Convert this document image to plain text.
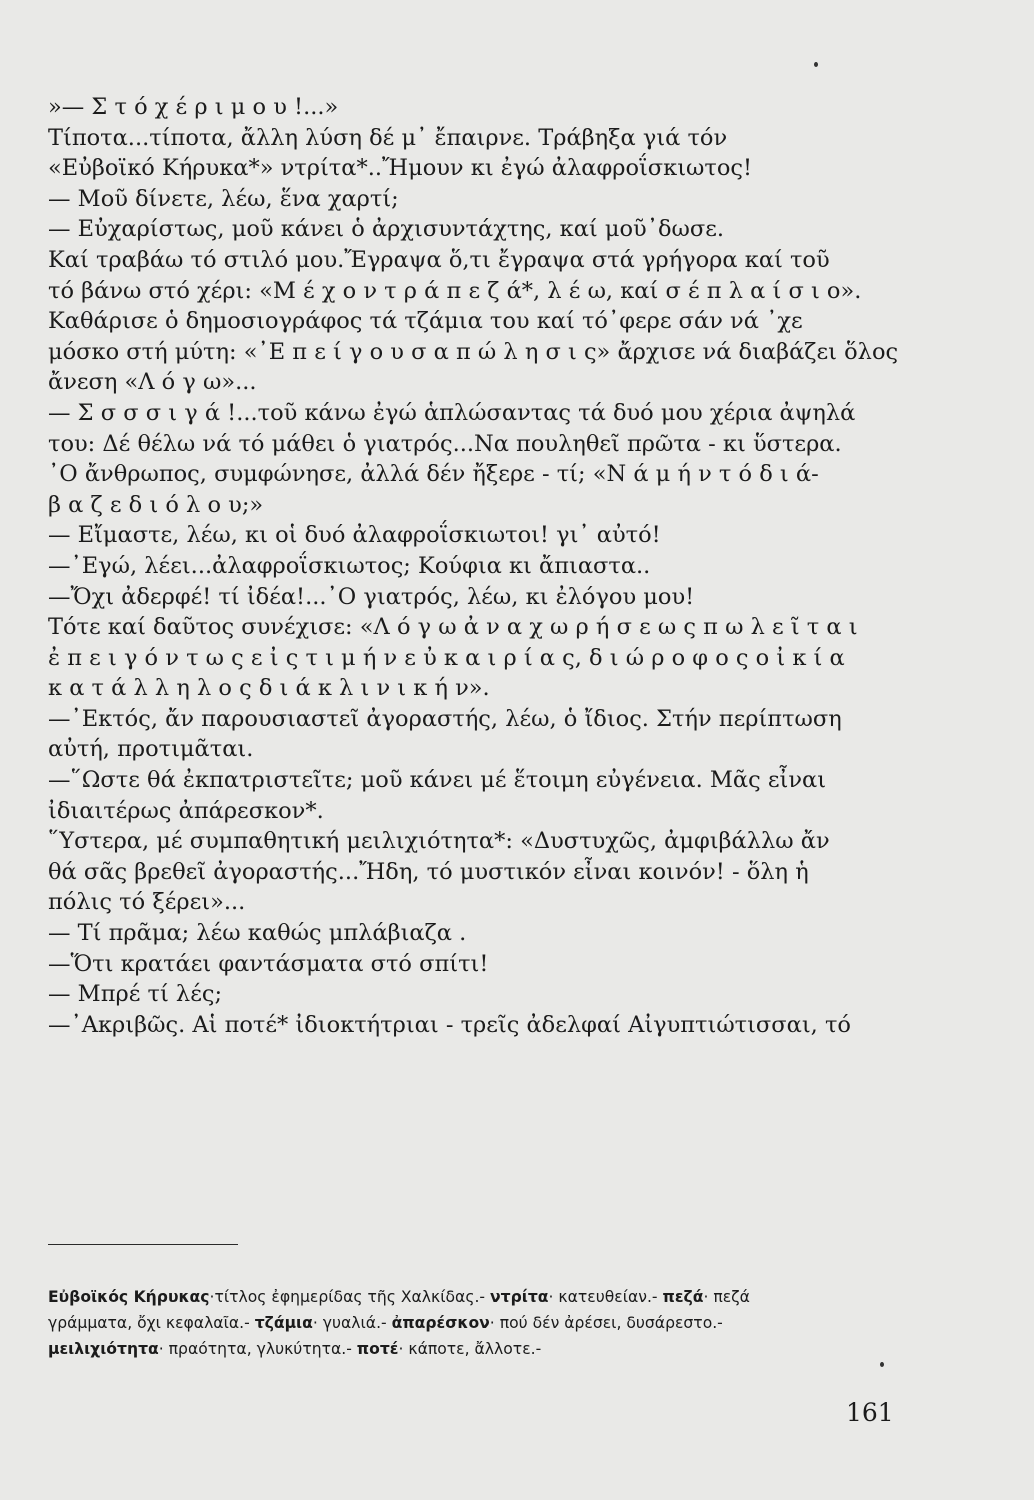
»— Σ τ ό χ έ ρ ι μ ο υ !...»
Τίποτα...τίποτα, ἄλλη λύση δέ μ᾽ ἔπαιρνε. Τράβηξα γιά τόν
«Εὐβοϊκό Κήρυκα*» ντρίτα*..Ἤμουν κι ἐγώ ἀλαφροΐσκιωτος!
— Μοῦ δίνετε, λέω, ἕνα χαρτί;
— Εὐχαρίστως, μοῦ κάνει ὁ ἀρχισυντάχτης, καί μοῦ᾽δωσε.
Καί τραβάω τό στιλό μου.Ἔγραψα ὅ,τι ἔγραψα στά γρήγορα καί τοῦ
τό βάνω στό χέρι: «Μ έ χ ο ν τ ρ ά π ε ζ ά*, λ έ ω, καί σ έ π λ α ί σ ι ο».
Καθάρισε ὁ δημοσιογράφος τά τζάμια του καί τό᾽φερε σάν νά ᾽χε
μόσκο στή μύτη: «᾽Ε π ε ί γ ο υ σ α π ώ λ η σ ι ς» ἄρχισε νά διαβάζει ὅλος
ἄνεση «Λ ό γ ω»...
— Σ σ σ σ ι γ ά !...τοῦ κάνω ἐγώ ἁπλώσαντας τά δυό μου χέρια ἀψηλά
του: Δέ θέλω νά τό μάθει ὁ γιατρός...Να πουληθεῖ πρῶτα - κι ὕστερα.
᾽Ο ἄνθρωπος, συμφώνησε, ἀλλά δέν ἤξερε - τί; «Ν ά μ ή ν τ ό δ ι ά-
β α ζ ε δ ι ό λ ο υ;»
— Εἴμαστε, λέω, κι οἱ δυό ἀλαφροΐσκιωτοι! γι᾽ αὐτό!
—᾽Εγώ, λέει...ἀλαφροΐσκιωτος; Κούφια κι ἄπιαστα..
—Ὄχι ἀδερφέ! τί ἰδέα!...᾽Ο γιατρός, λέω, κι ἐλόγου μου!
Τότε καί δαῦτος συνέχισε: «Λ ό γ ω ἀ ν α χ ω ρ ή σ ε ω ς π ω λ ε ῖ τ α ι
ἐ π ε ι γ ό ν τ ω ς ε ἰ ς τ ι μ ή ν ε ὐ κ α ι ρ ί α ς, δ ι ώ ρ ο φ ο ς ο ἰ κ ί α
κ α τ ά λ λ η λ ο ς δ ι ά κ λ ι ν ι κ ή ν».
—᾽Εκτός, ἄν παρουσιαστεῖ ἀγοραστής, λέω, ὁ ἴδιος. Στήν περίπτωση
αὐτή, προτιμᾶται.
—῞Ωστε θά ἐκπατριστεῖτε; μοῦ κάνει μέ ἕτοιμη εὐγένεια. Μᾶς εἶναι
ἰδιαιτέρως ἀπάρεσκον*.
῞Υστερα, μέ συμπαθητική μειλιχιότητα*: «Δυστυχῶς, ἀμφιβάλλω ἄν
θά σᾶς βρεθεῖ ἀγοραστής...Ἤδη, τό μυστικόν εἶναι κοινόν! - ὅλη ἡ
πόλις τό ξέρει»...
— Τί πρᾶμα; λέω καθώς μπλάβιαζα .
—Ὅτι κρατάει φαντάσματα στό σπίτι!
— Μπρέ τί λές;
—᾽Ακριβῶς. Αἱ ποτέ* ἰδιοκτήτριαι - τρεῖς ἀδελφαί Αἰγυπτιώτισσαι, τό
Εὐβοϊκός Κήρυκας·τίτλος ἐφημερίδας τῆς Χαλκίδας.- ντρίτα· κατευθείαν.- πεζά· πεζά
γράμματα, ὄχι κεφαλαῖα.- τζάμια· γυαλιά.- ἀπαρέσκον· πού δέν ἀρέσει, δυσάρεστο.-
μειλιχιότητα· πραότητα, γλυκύτητα.- ποτέ· κάποτε, ἄλλοτε.-
161
